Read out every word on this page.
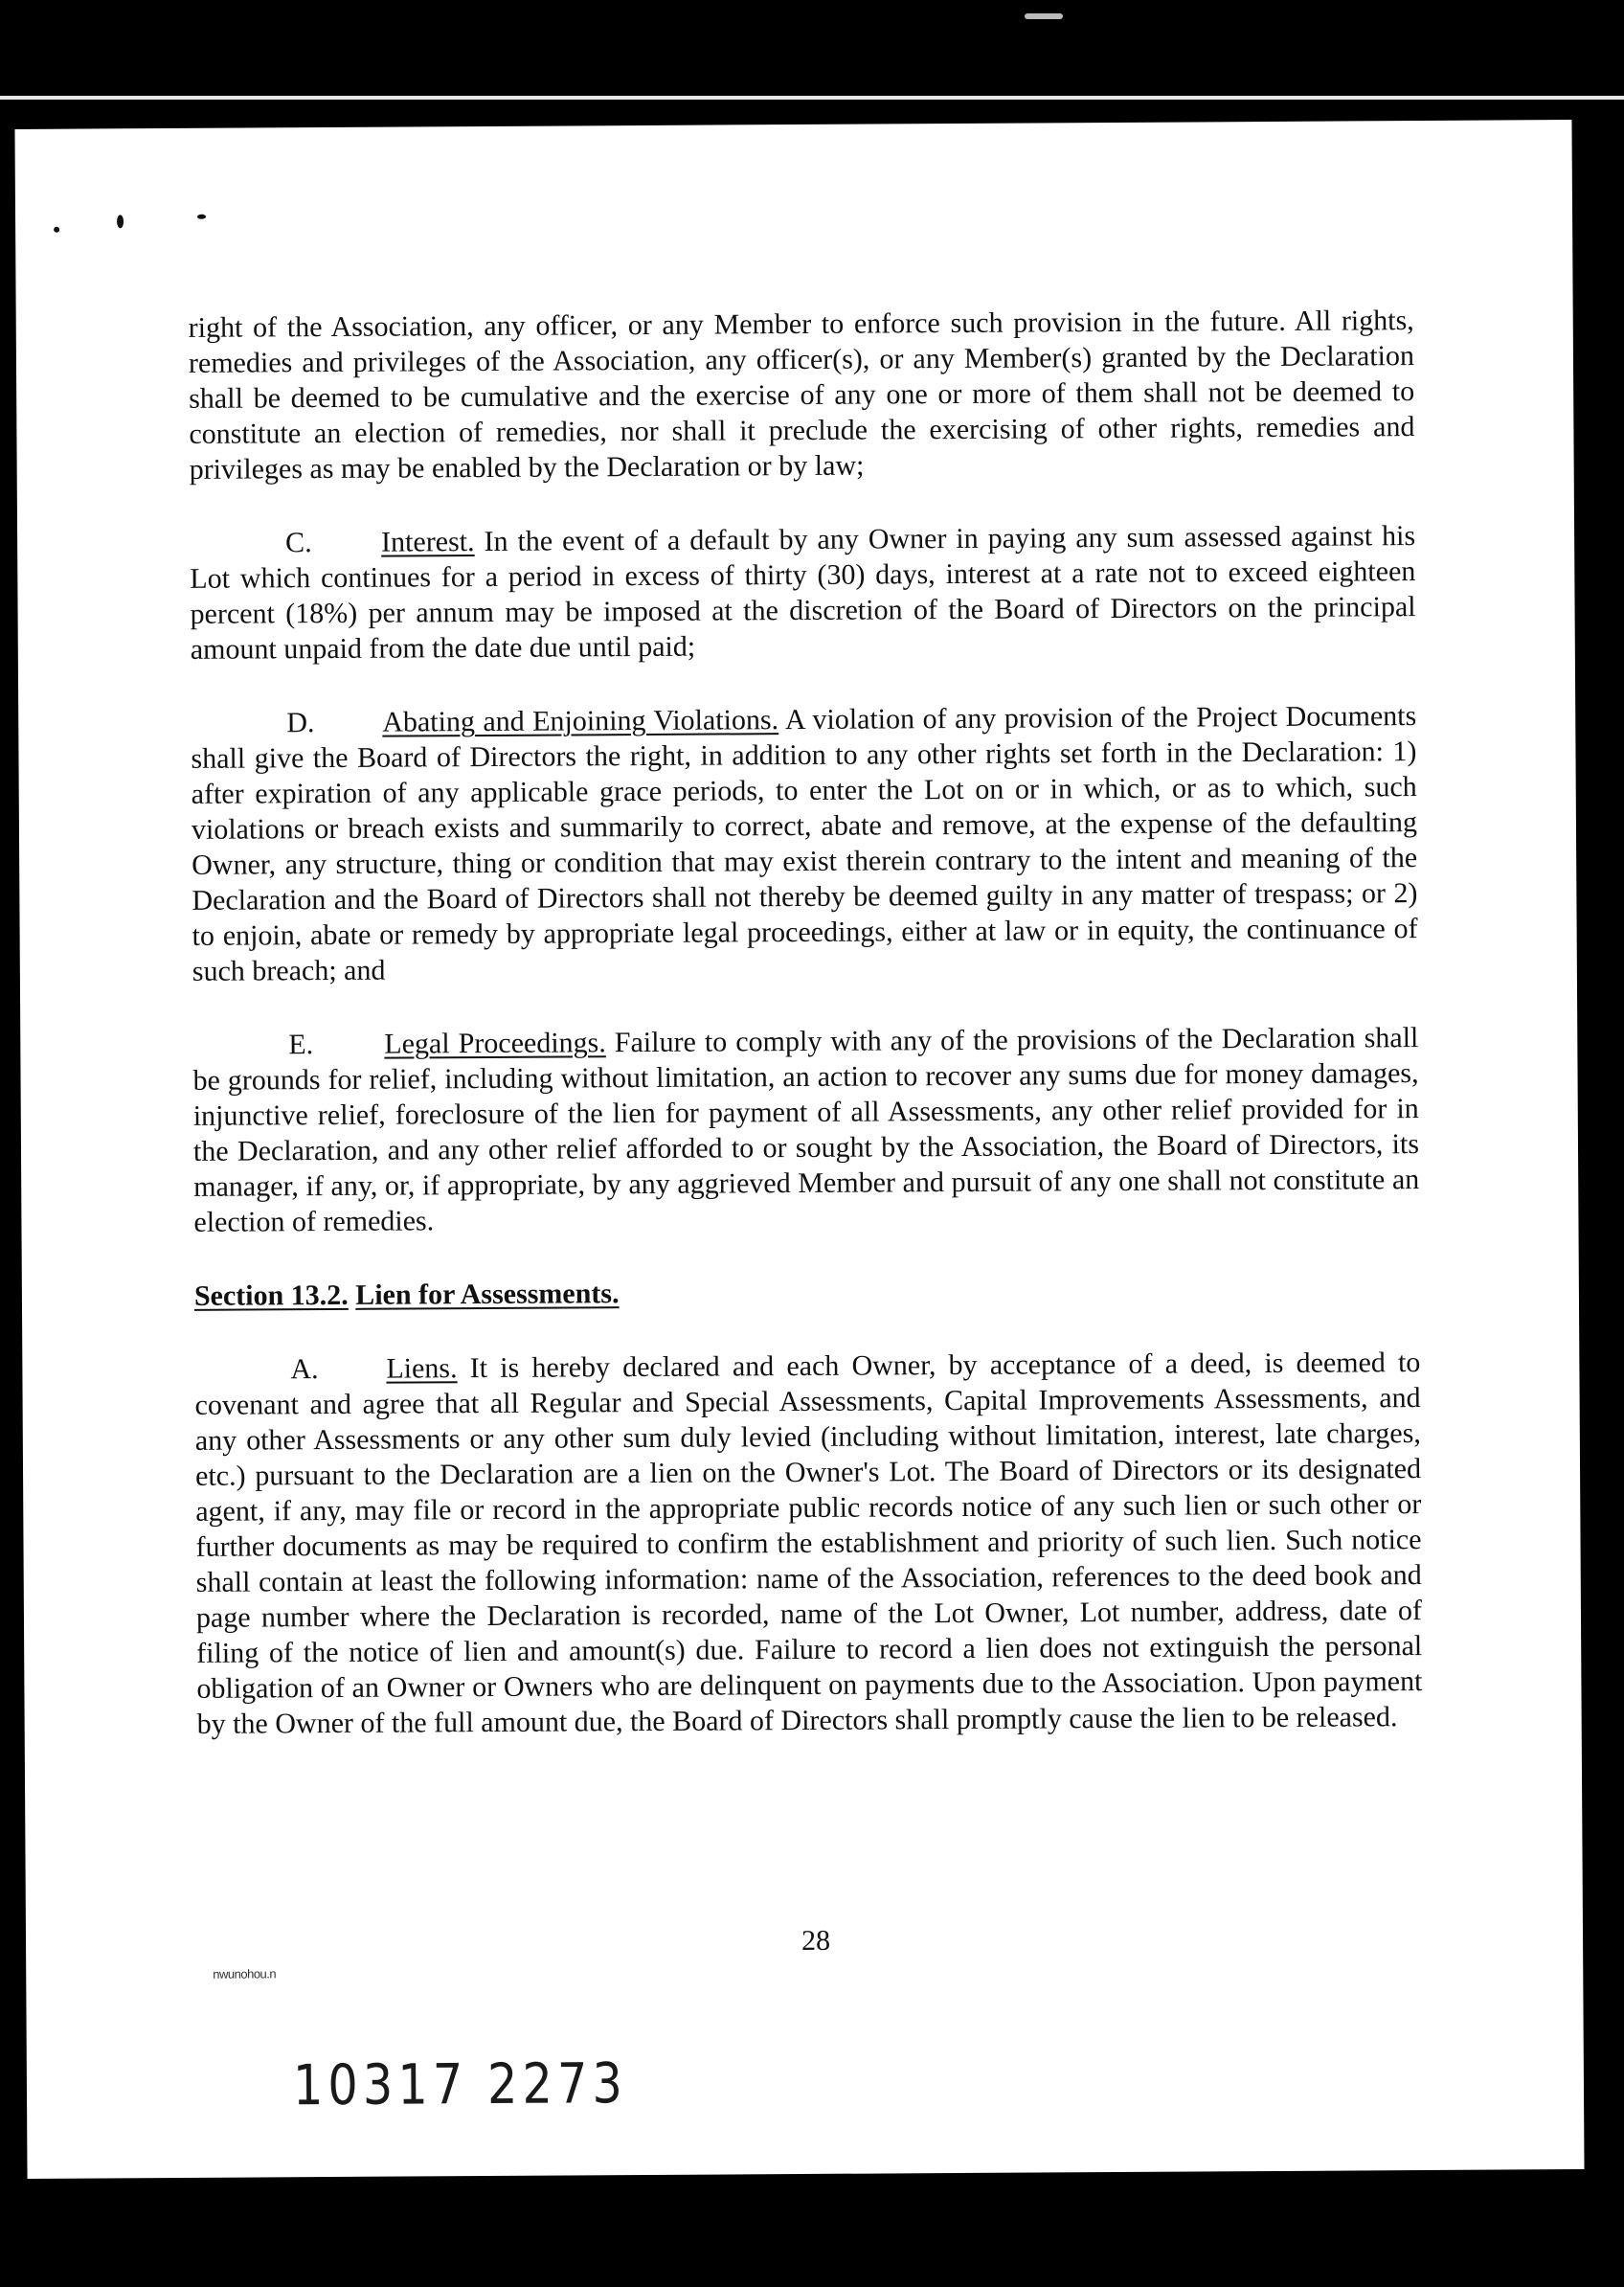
right of the Association, any officer, or any Member to enforce such provision in the future. All rights, remedies and privileges of the Association, any officer(s), or any Member(s) granted by the Declaration shall be deemed to be cumulative and the exercise of any one or more of them shall not be deemed to constitute an election of remedies, nor shall it preclude the exercising of other rights, remedies and privileges as may be enabled by the Declaration or by law;

C. Interest. In the event of a default by any Owner in paying any sum assessed against his Lot which continues for a period in excess of thirty (30) days, interest at a rate not to exceed eighteen percent (18%) per annum may be imposed at the discretion of the Board of Directors on the principal amount unpaid from the date due until paid;

D. Abating and Enjoining Violations. A violation of any provision of the Project Documents shall give the Board of Directors the right, in addition to any other rights set forth in the Declaration: 1) after expiration of any applicable grace periods, to enter the Lot on or in which, or as to which, such violations or breach exists and summarily to correct, abate and remove, at the expense of the defaulting Owner, any structure, thing or condition that may exist therein contrary to the intent and meaning of the Declaration and the Board of Directors shall not thereby be deemed guilty in any matter of trespass; or 2) to enjoin, abate or remedy by appropriate legal proceedings, either at law or in equity, the continuance of such breach; and

E. Legal Proceedings. Failure to comply with any of the provisions of the Declaration shall be grounds for relief, including without limitation, an action to recover any sums due for money damages, injunctive relief, foreclosure of the lien for payment of all Assessments, any other relief provided for in the Declaration, and any other relief afforded to or sought by the Association, the Board of Directors, its manager, if any, or, if appropriate, by any aggrieved Member and pursuit of any one shall not constitute an election of remedies.

Section 13.2. Lien for Assessments.

A. Liens. It is hereby declared and each Owner, by acceptance of a deed, is deemed to covenant and agree that all Regular and Special Assessments, Capital Improvements Assessments, and any other Assessments or any other sum duly levied (including without limitation, interest, late charges, etc.) pursuant to the Declaration are a lien on the Owner's Lot. The Board of Directors or its designated agent, if any, may file or record in the appropriate public records notice of any such lien or such other or further documents as may be required to confirm the establishment and priority of such lien. Such notice shall contain at least the following information: name of the Association, references to the deed book and page number where the Declaration is recorded, name of the Lot Owner, Lot number, address, date of filing of the notice of lien and amount(s) due. Failure to record a lien does not extinguish the personal obligation of an Owner or Owners who are delinquent on payments due to the Association. Upon payment by the Owner of the full amount due, the Board of Directors shall promptly cause the lien to be released.

28
nwunohou.n
10317 2273
